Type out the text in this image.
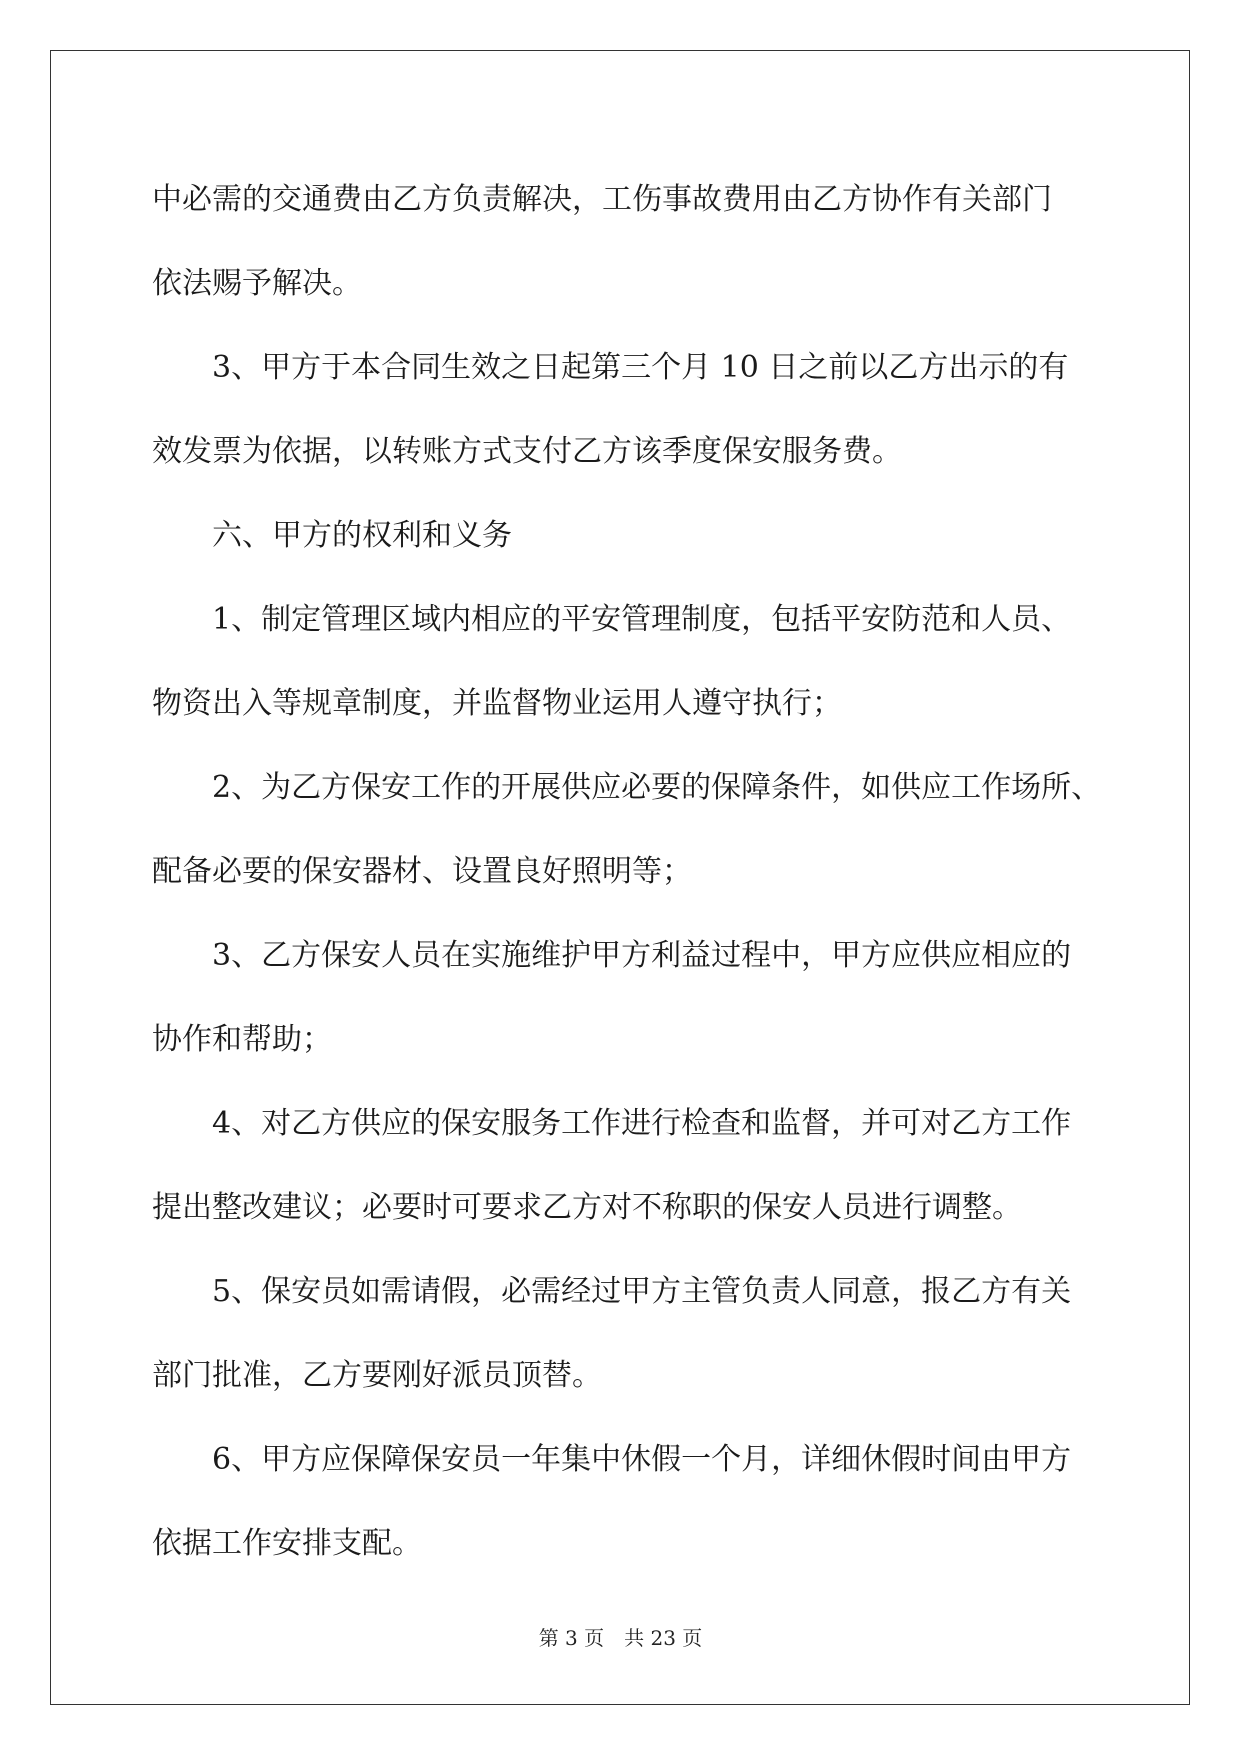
中必需的交通费由乙方负责解决，工伤事故费用由乙方协作有关部门
依法赐予解决。

3、甲方于本合同生效之日起第三个月 10 日之前以乙方出示的有
效发票为依据，以转账方式支付乙方该季度保安服务费。

六、甲方的权利和义务

1、制定管理区域内相应的平安管理制度，包括平安防范和人员、
物资出入等规章制度，并监督物业运用人遵守执行；

2、为乙方保安工作的开展供应必要的保障条件，如供应工作场所、
配备必要的保安器材、设置良好照明等；

3、乙方保安人员在实施维护甲方利益过程中，甲方应供应相应的
协作和帮助；

4、对乙方供应的保安服务工作进行检查和监督，并可对乙方工作
提出整改建议；必要时可要求乙方对不称职的保安人员进行调整。

5、保安员如需请假，必需经过甲方主管负责人同意，报乙方有关
部门批准，乙方要刚好派员顶替。

6、甲方应保障保安员一年集中休假一个月，详细休假时间由甲方
依据工作安排支配。

第 3 页 共 23 页
